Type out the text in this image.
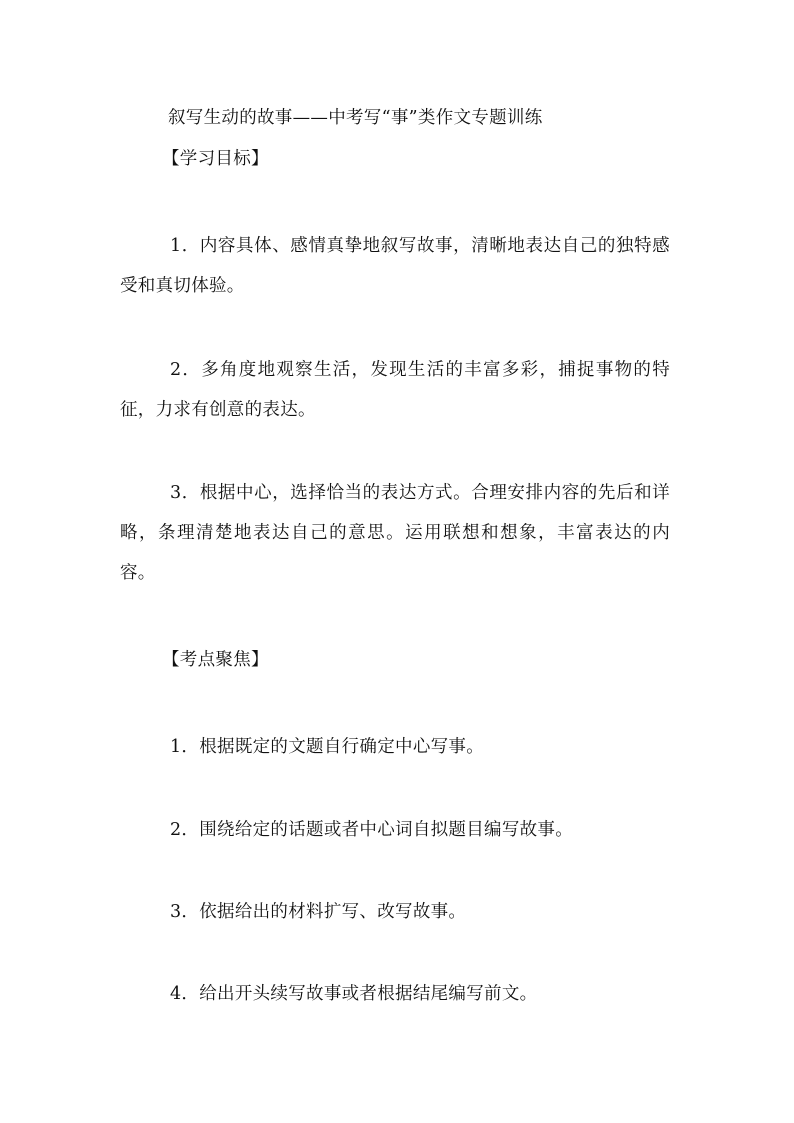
叙写生动的故事——中考写“事”类作文专题训练
【学习目标】
1．内容具体、感情真挚地叙写故事，清晰地表达自己的独特感受和真切体验。
2．多角度地观察生活，发现生活的丰富多彩，捕捉事物的特征，力求有创意的表达。
3．根据中心，选择恰当的表达方式。合理安排内容的先后和详略，条理清楚地表达自己的意思。运用联想和想象，丰富表达的内容。
【考点聚焦】
1．根据既定的文题自行确定中心写事。
2．围绕给定的话题或者中心词自拟题目编写故事。
3．依据给出的材料扩写、改写故事。
4．给出开头续写故事或者根据结尾编写前文。
